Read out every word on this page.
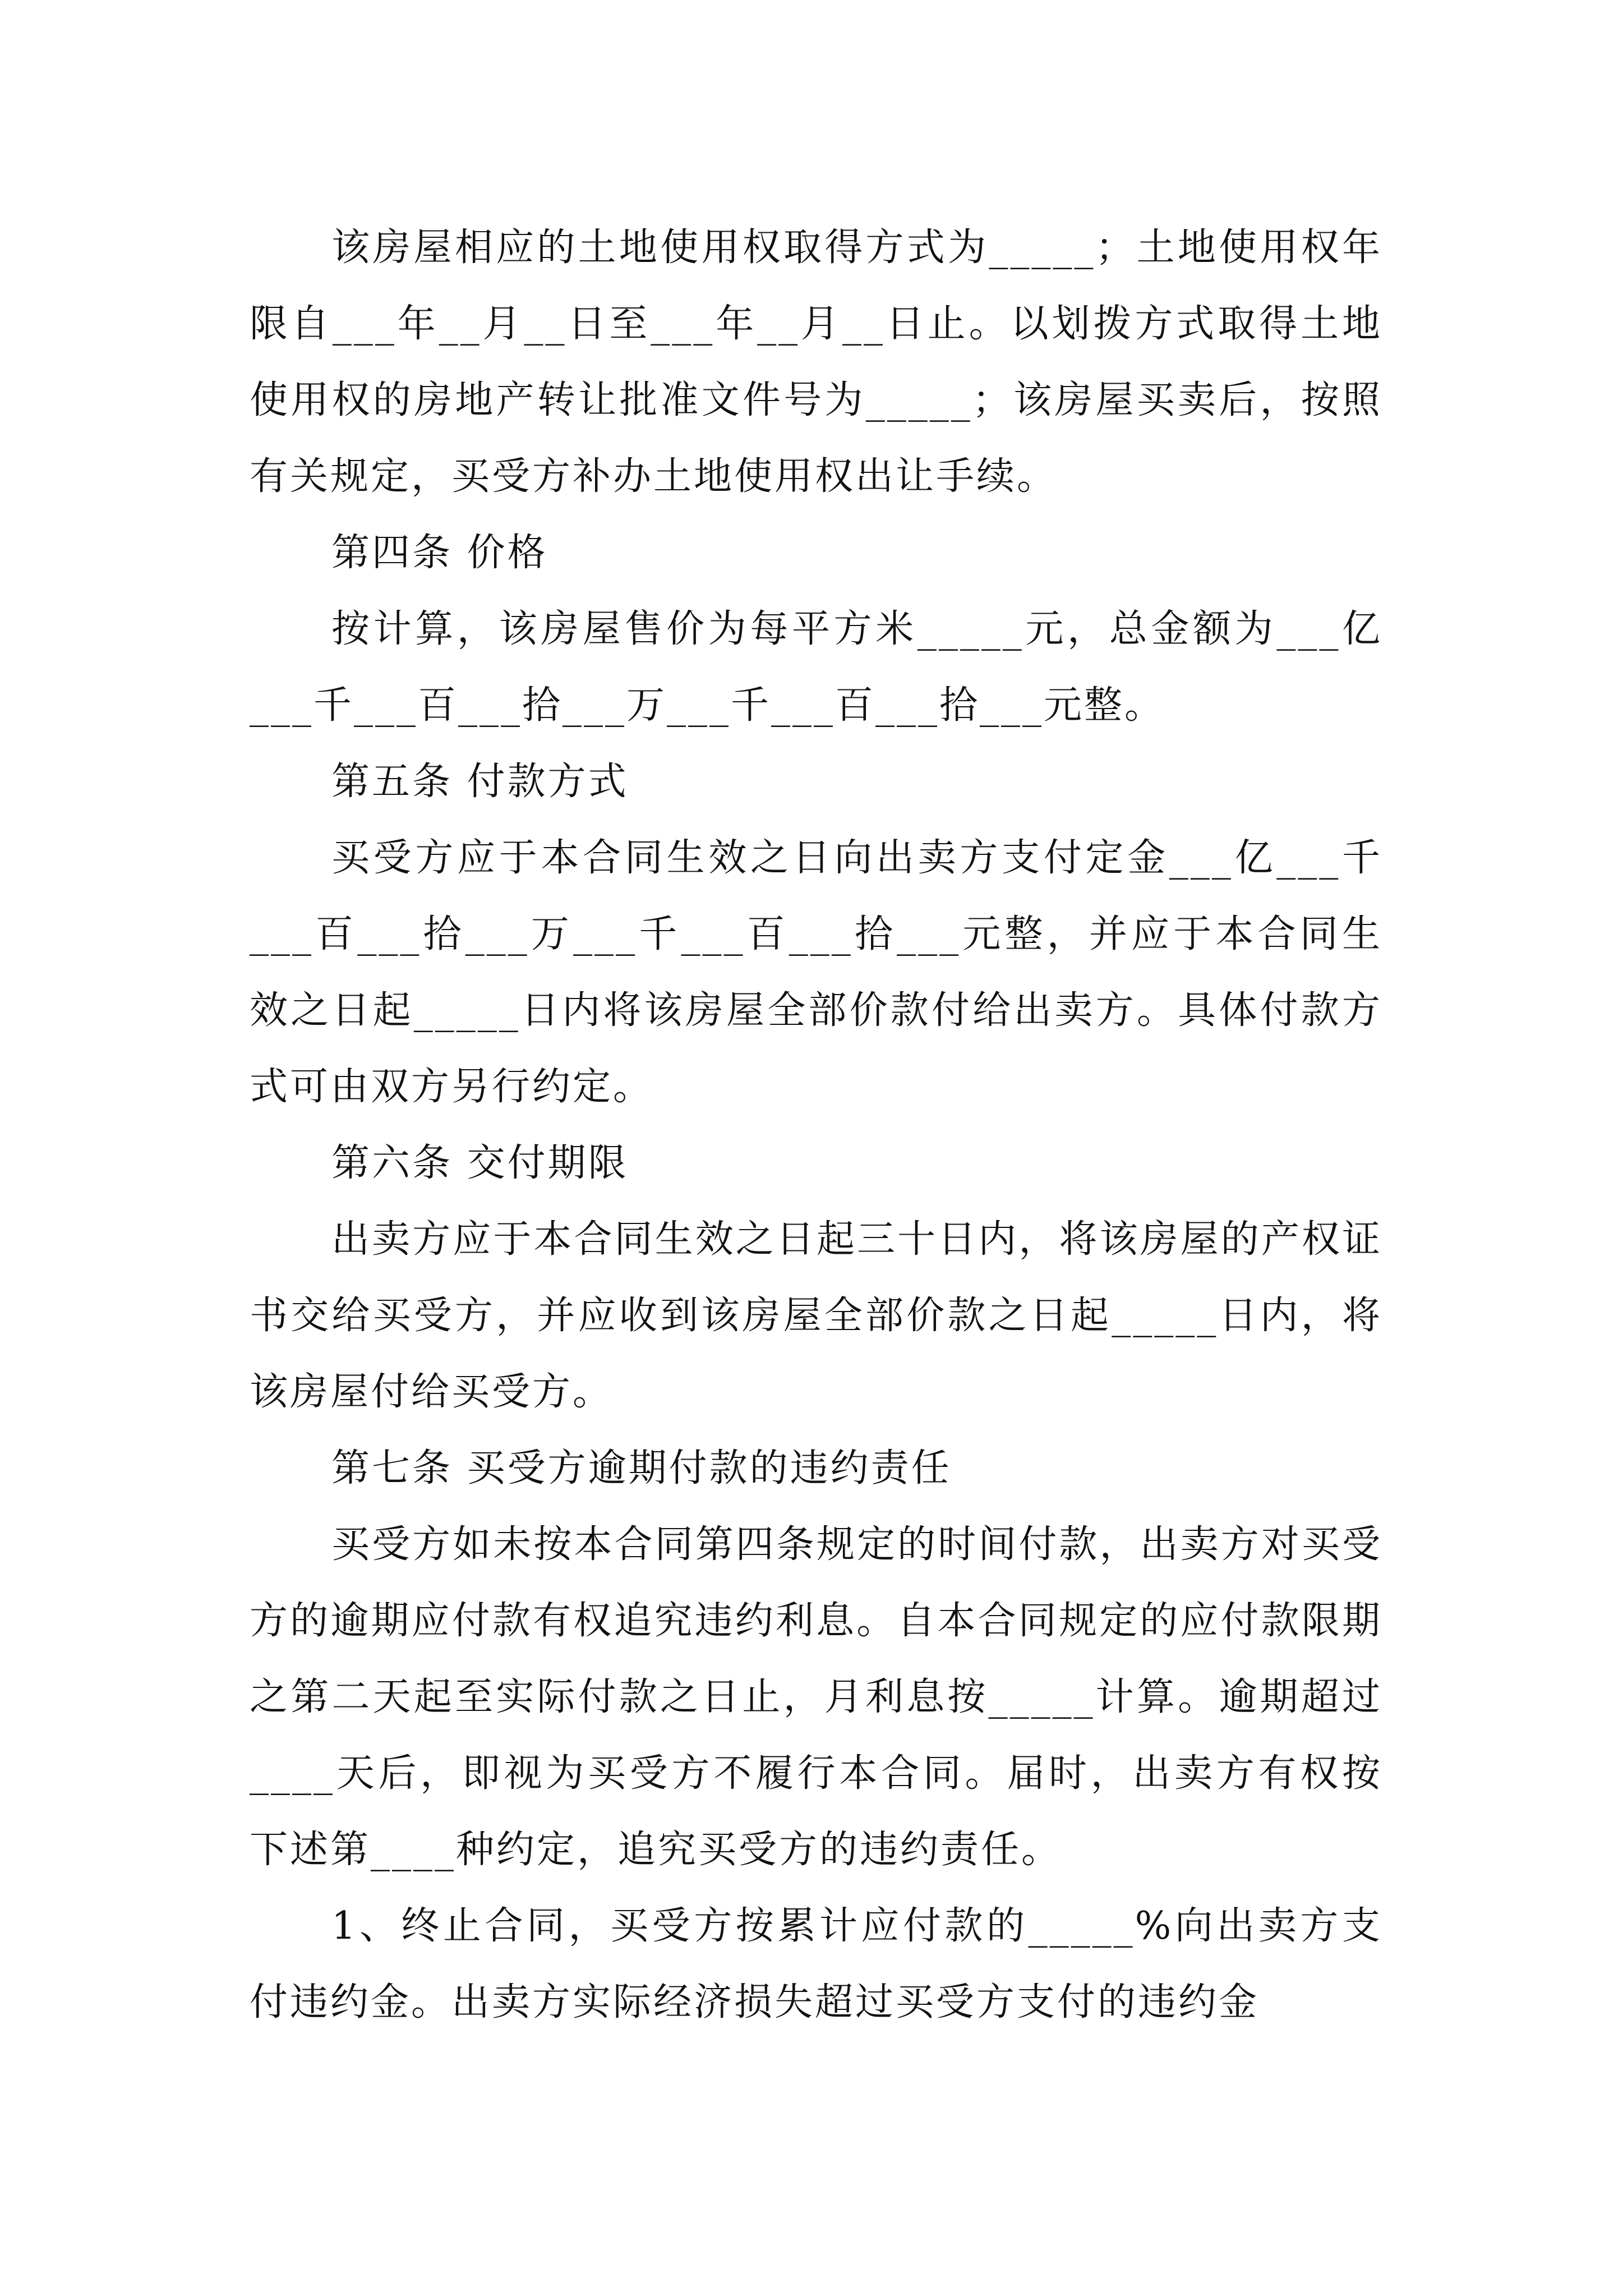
该房屋相应的土地使用权取得方式为_____；土地使用权年限自___年__月__日至___年__月__日止。以划拨方式取得土地使用权的房地产转让批准文件号为_____；该房屋买卖后，按照有关规定，买受方补办土地使用权出让手续。

第四条 价格

按计算，该房屋售价为每平方米_____元，总金额为___亿___千___百___拾___万___千___百___拾___元整。

第五条 付款方式

买受方应于本合同生效之日向出卖方支付定金___亿___千___百___拾___万___千___百___拾___元整，并应于本合同生效之日起_____日内将该房屋全部价款付给出卖方。具体付款方式可由双方另行约定。

第六条 交付期限

出卖方应于本合同生效之日起三十日内，将该房屋的产权证书交给买受方，并应收到该房屋全部价款之日起_____日内，将该房屋付给买受方。

第七条 买受方逾期付款的违约责任

买受方如未按本合同第四条规定的时间付款，出卖方对买受方的逾期应付款有权追究违约利息。自本合同规定的应付款限期之第二天起至实际付款之日止，月利息按_____计算。逾期超过____天后，即视为买受方不履行本合同。届时，出卖方有权按下述第____种约定，追究买受方的违约责任。

1、终止合同，买受方按累计应付款的_____%向出卖方支付违约金。出卖方实际经济损失超过买受方支付的违约金
